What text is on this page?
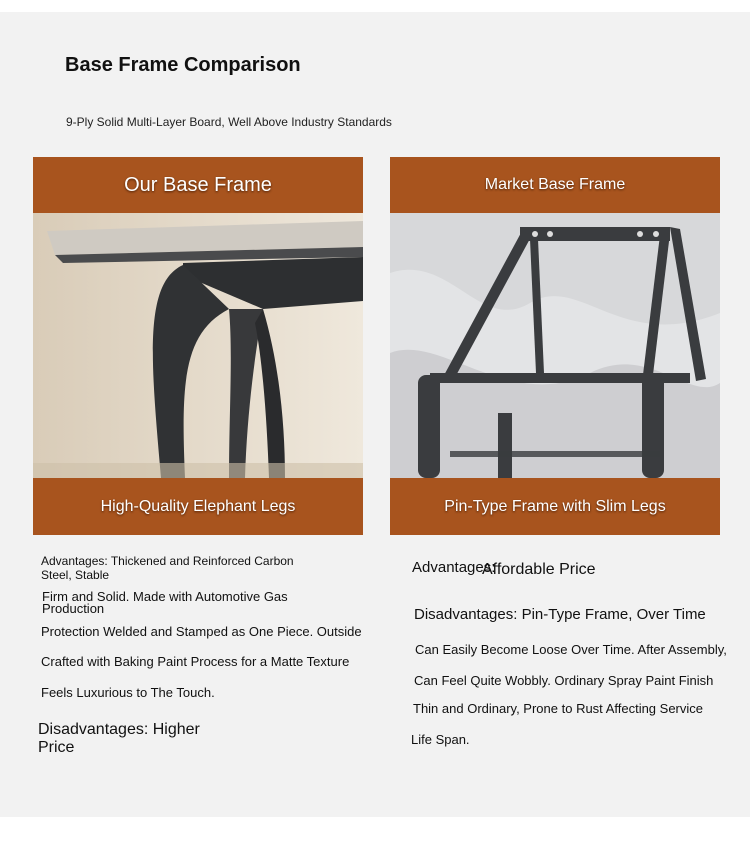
Base Frame Comparison
9-Ply Solid Multi-Layer Board, Well Above Industry Standards
Our Base Frame
High-Quality Elephant Legs
Market Base Frame
Pin-Type Frame with Slim Legs
Advantages: Thickened and Reinforced Carbon
Steel, Stable
Firm and Solid. Made with Automotive Gas
Production
Protection Welded and Stamped as One Piece. Outside
Crafted with Baking Paint Process for a Matte Texture
Feels Luxurious to The Touch.
Disadvantages: Higher
Price
Advantages:
Affordable Price
Disadvantages: Pin-Type Frame, Over Time
Can Easily Become Loose Over Time. After Assembly,
Can Feel Quite Wobbly. Ordinary Spray Paint Finish
Thin and Ordinary, Prone to Rust Affecting Service
Life Span.
